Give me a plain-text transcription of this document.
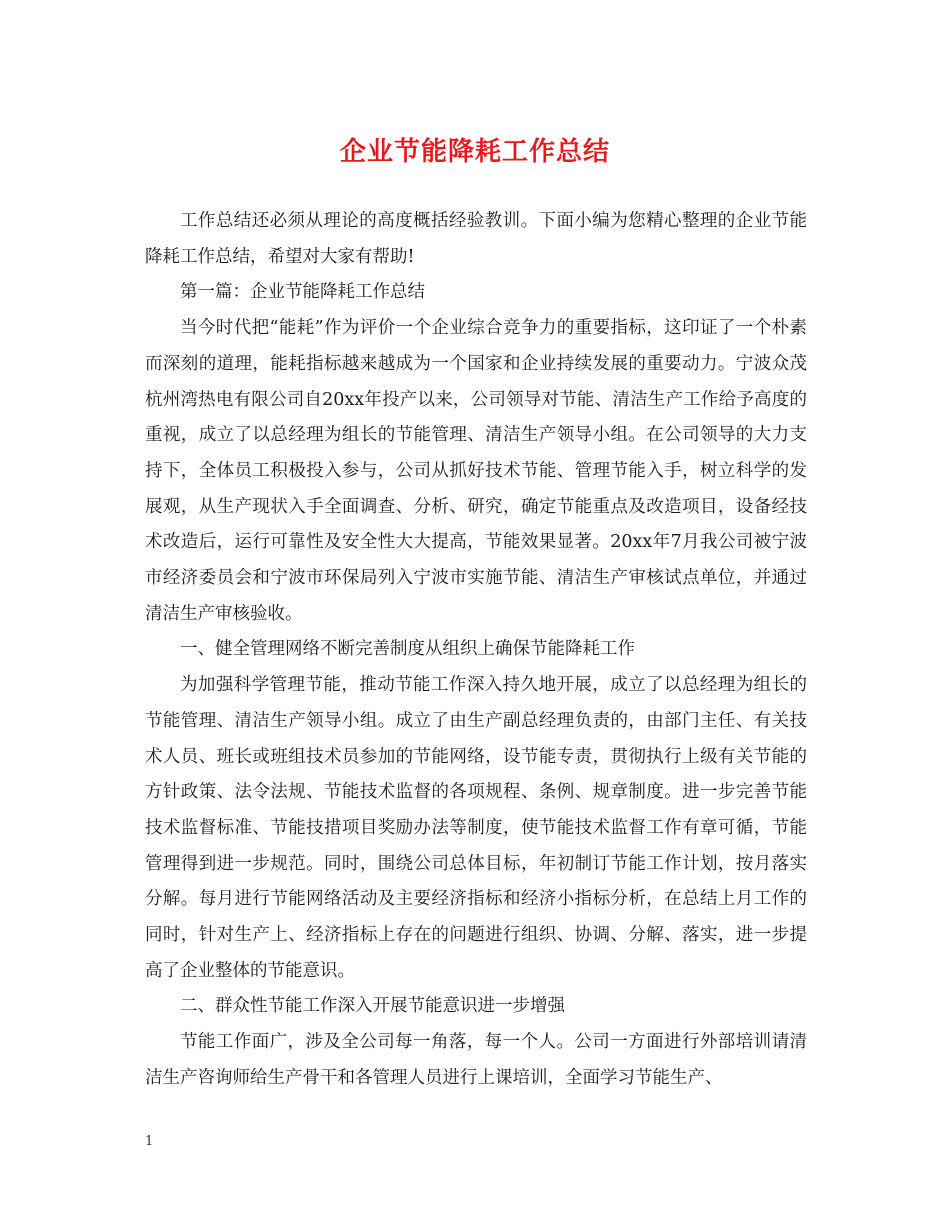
企业节能降耗工作总结

工作总结还必须从理论的高度概括经验教训。下面小编为您精心整理的企业节能降耗工作总结，希望对大家有帮助!

第一篇：企业节能降耗工作总结

当今时代把“能耗”作为评价一个企业综合竞争力的重要指标，这印证了一个朴素而深刻的道理，能耗指标越来越成为一个国家和企业持续发展的重要动力。宁波众茂杭州湾热电有限公司自20xx年投产以来，公司领导对节能、清洁生产工作给予高度的重视，成立了以总经理为组长的节能管理、清洁生产领导小组。在公司领导的大力支持下，全体员工积极投入参与，公司从抓好技术节能、管理节能入手，树立科学的发展观，从生产现状入手全面调查、分析、研究，确定节能重点及改造项目，设备经技术改造后，运行可靠性及安全性大大提高，节能效果显著。20xx年7月我公司被宁波市经济委员会和宁波市环保局列入宁波市实施节能、清洁生产审核试点单位，并通过清洁生产审核验收。

一、健全管理网络不断完善制度从组织上确保节能降耗工作

为加强科学管理节能，推动节能工作深入持久地开展，成立了以总经理为组长的节能管理、清洁生产领导小组。成立了由生产副总经理负责的，由部门主任、有关技术人员、班长或班组技术员参加的节能网络，设节能专责，贯彻执行上级有关节能的方针政策、法令法规、节能技术监督的各项规程、条例、规章制度。进一步完善节能技术监督标准、节能技措项目奖励办法等制度，使节能技术监督工作有章可循，节能管理得到进一步规范。同时，围绕公司总体目标，年初制订节能工作计划，按月落实分解。每月进行节能网络活动及主要经济指标和经济小指标分析，在总结上月工作的同时，针对生产上、经济指标上存在的问题进行组织、协调、分解、落实，进一步提高了企业整体的节能意识。

二、群众性节能工作深入开展节能意识进一步增强

节能工作面广，涉及全公司每一角落，每一个人。公司一方面进行外部培训请清洁生产咨询师给生产骨干和各管理人员进行上课培训，全面学习节能生产、

1
